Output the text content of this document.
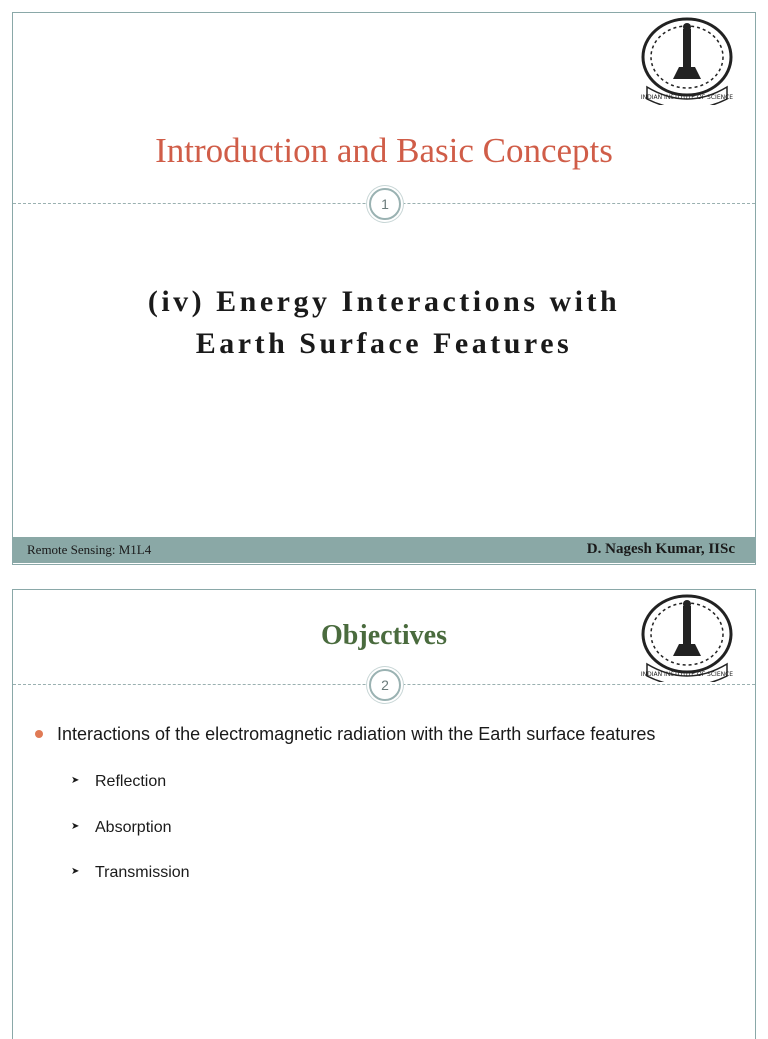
INDIAN INSTITUTE OF SCIENCE
Introduction and Basic Concepts
1
(iv) Energy Interactions with
Earth Surface Features
Remote Sensing: M1L4	D. Nagesh Kumar, IISc
INDIAN INSTITUTE OF SCIENCE
Objectives
2
Interactions of the electromagnetic radiation with the Earth surface features
➤ Reflection
➤ Absorption
➤ Transmission
